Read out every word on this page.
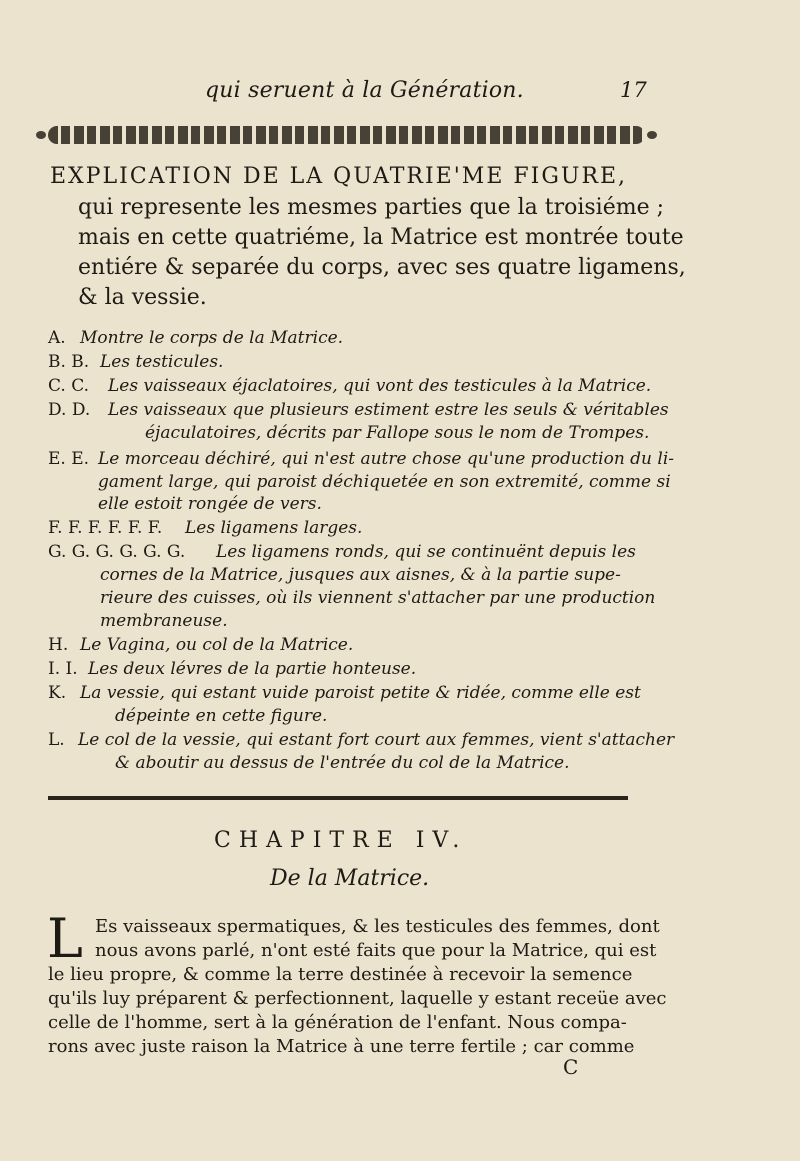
qui seruent à la Génération.	17
EXPLICATION DE LA QUATRIE'ME FIGURE,
qui represente les mesmes parties que la troisiéme ;
mais en cette quatriéme, la Matrice est montrée toute
entiére & separée du corps, avec ses quatre ligamens,
& la vessie.
A. Montre le corps de la Matrice.
B. B. Les testicules.
C. C. Les vaisseaux éjaclatoires, qui vont des testicules à la Matrice.
D. D. Les vaisseaux que plusieurs estiment estre les seuls & véritables
éjaculatoires, décrits par Fallope sous le nom de Trompes.
E. E. Le morceau déchiré, qui n'est autre chose qu'une production du li-
gament large, qui paroist déchiquetée en son extremité, comme si
elle estoit rongée de vers.
F. F. F. F. F. F. Les ligamens larges.
G. G. G. G. G. G. Les ligamens ronds, qui se continuënt depuis les
cornes de la Matrice, jusques aux aisnes, & à la partie supe-
rieure des cuisses, où ils viennent s'attacher par une production
membraneuse.
H. Le Vagina, ou col de la Matrice.
I. I. Les deux lévres de la partie honteuse.
K. La vessie, qui estant vuide paroist petite & ridée, comme elle est
dépeinte en cette figure.
L. Le col de la vessie, qui estant fort court aux femmes, vient s'attacher
& aboutir au dessus de l'entrée du col de la Matrice.
CHAPITRE IV.
De la Matrice.
L Es vaisseaux spermatiques, & les testicules des femmes, dont
nous avons parlé, n'ont esté faits que pour la Matrice, qui est
le lieu propre, & comme la terre destinée à recevoir la semence
qu'ils luy préparent & perfectionnent, laquelle y estant receüe avec
celle de l'homme, sert à la génération de l'enfant. Nous compa-
rons avec juste raison la Matrice à une terre fertile ; car comme
C
